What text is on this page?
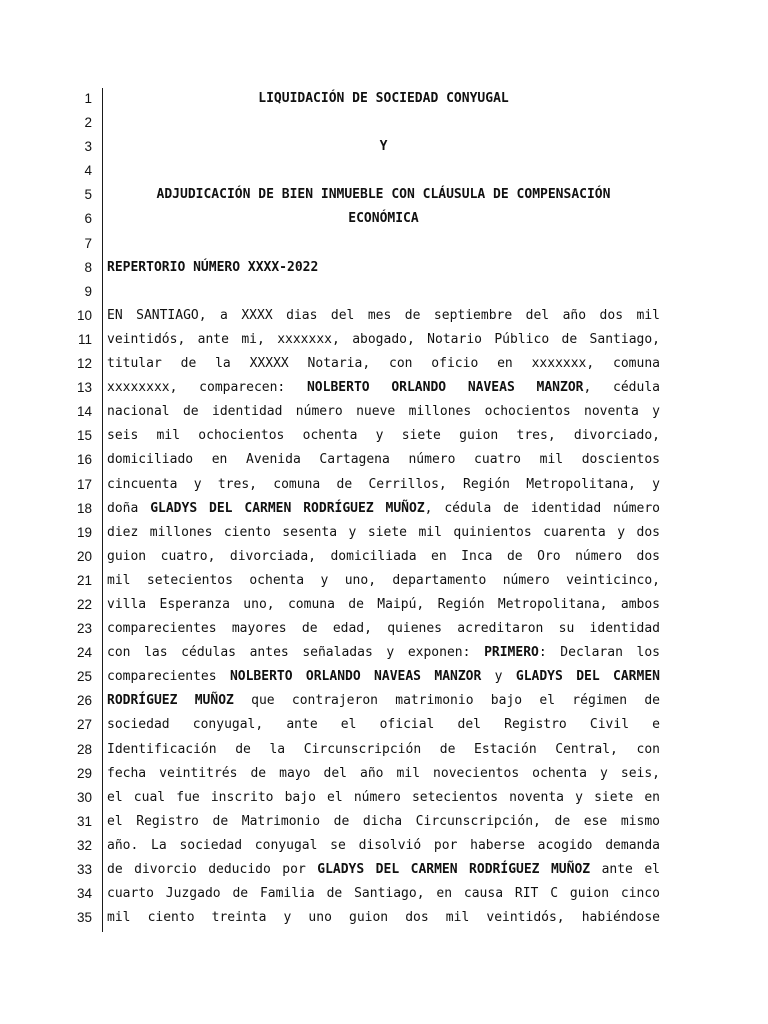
1	LIQUIDACIÓN DE SOCIEDAD CONYUGAL
2
3	Y
4
5	ADJUDICACIÓN DE BIEN INMUEBLE CON CLÁUSULA DE COMPENSACIÓN
6	ECONÓMICA
7
8 REPERTORIO NÚMERO XXXX-2022
9
10 EN SANTIAGO, a XXXX dias del mes de septiembre del año dos mil
11 veintidós, ante mi, xxxxxxx, abogado, Notario Público de Santiago,
12 titular de la XXXXX Notaria, con oficio en xxxxxxx, comuna
13 xxxxxxxx, comparecen: NOLBERTO ORLANDO NAVEAS MANZOR, cédula
14 nacional de identidad número nueve millones ochocientos noventa y
15 seis mil ochocientos ochenta y siete guion tres, divorciado,
16 domiciliado en Avenida Cartagena número cuatro mil doscientos
17 cincuenta y tres, comuna de Cerrillos, Región Metropolitana, y
18 doña GLADYS DEL CARMEN RODRÍGUEZ MUÑOZ, cédula de identidad número
19 diez millones ciento sesenta y siete mil quinientos cuarenta y dos
20 guion cuatro, divorciada, domiciliada en Inca de Oro número dos
21 mil setecientos ochenta y uno, departamento número veinticinco,
22 villa Esperanza uno, comuna de Maipú, Región Metropolitana, ambos
23 comparecientes mayores de edad, quienes acreditaron su identidad
24 con las cédulas antes señaladas y exponen: PRIMERO: Declaran los
25 comparecientes NOLBERTO ORLANDO NAVEAS MANZOR y GLADYS DEL CARMEN
26 RODRÍGUEZ MUÑOZ que contrajeron matrimonio bajo el régimen de
27 sociedad conyugal, ante el oficial del Registro Civil e
28 Identificación de la Circunscripción de Estación Central, con
29 fecha veintitrés de mayo del año mil novecientos ochenta y seis,
30 el cual fue inscrito bajo el número setecientos noventa y siete en
31 el Registro de Matrimonio de dicha Circunscripción, de ese mismo
32 año. La sociedad conyugal se disolvió por haberse acogido demanda
33 de divorcio deducido por GLADYS DEL CARMEN RODRÍGUEZ MUÑOZ ante el
34 cuarto Juzgado de Familia de Santiago, en causa RIT C guion cinco
35 mil ciento treinta y uno guion dos mil veintidós, habiéndose
